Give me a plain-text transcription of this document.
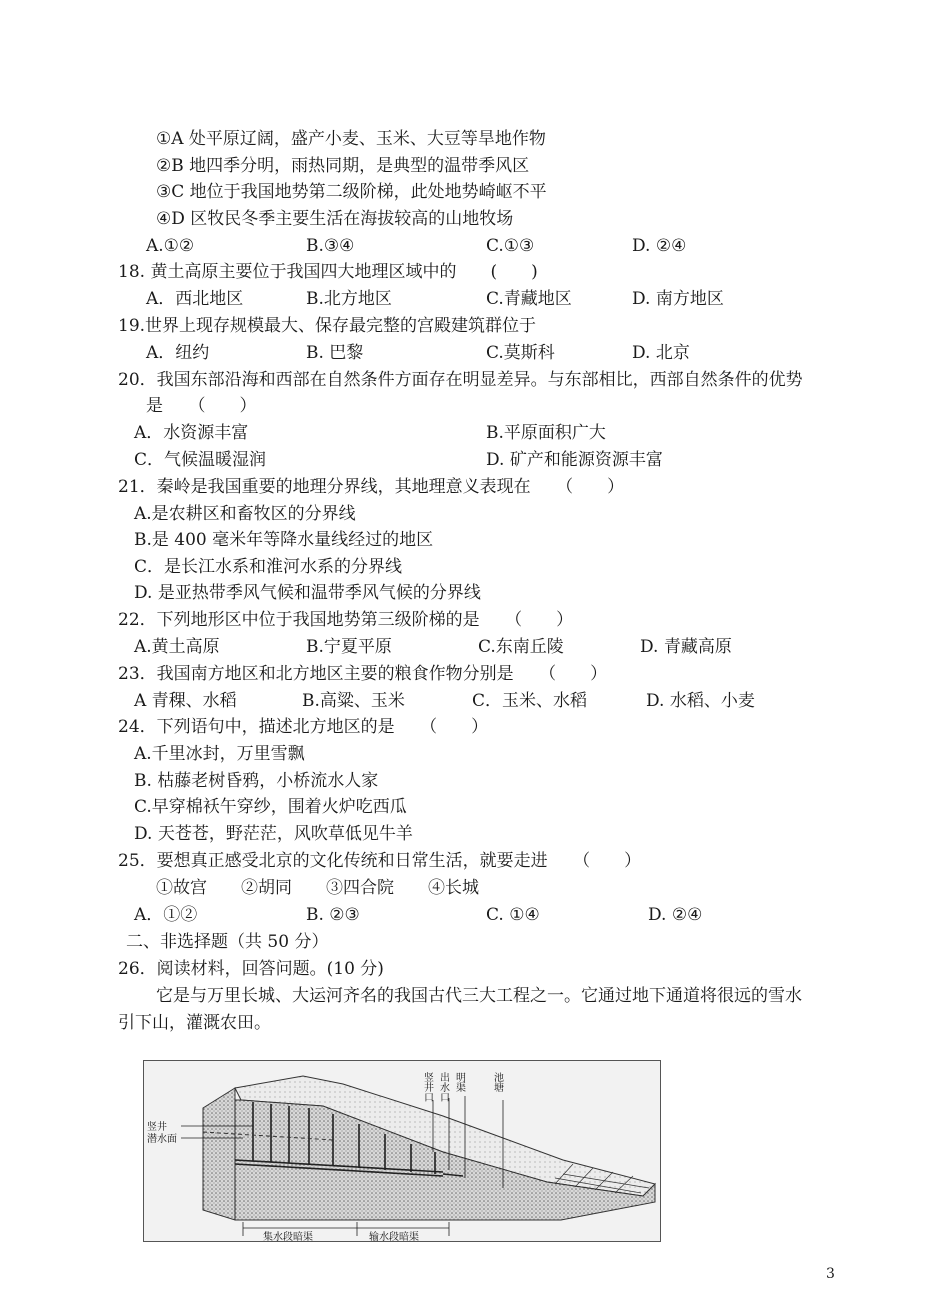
①A 处平原辽阔，盛产小麦、玉米、大豆等旱地作物
②B 地四季分明，雨热同期，是典型的温带季风区
③C 地位于我国地势第二级阶梯，此处地势崎岖不平
④D 区牧民冬季主要生活在海拔较高的山地牧场
A.①②	B.③④	C.①③	D. ②④
18. 黄土高原主要位于我国四大地理区域中的　　(　　)
A．西北地区	B.北方地区	C.青藏地区	D. 南方地区
19.世界上现存规模最大、保存最完整的宫殿建筑群位于
A．纽约	B. 巴黎	C.莫斯科	D. 北京
20．我国东部沿海和西部在自然条件方面存在明显差异。与东部相比，西部自然条件的优势
是　　（　　）
A．水资源丰富	B.平原面积广大
C．气候温暖湿润	D. 矿产和能源资源丰富
21．秦岭是我国重要的地理分界线，其地理意义表现在　　（　　）
A.是农耕区和畜牧区的分界线
B.是 400 毫米年等降水量线经过的地区
C．是长江水系和淮河水系的分界线
D. 是亚热带季风气候和温带季风气候的分界线
22．下列地形区中位于我国地势第三级阶梯的是　　（　　）
A.黄土高原	B.宁夏平原	C.东南丘陵	D. 青藏高原
23．我国南方地区和北方地区主要的粮食作物分别是　　（　　）
A 青稞、水稻	B.高粱、玉米	C．玉米、水稻	D. 水稻、小麦
24．下列语句中，描述北方地区的是　　（　　）
A.千里冰封，万里雪飘
B. 枯藤老树昏鸦，小桥流水人家
C.早穿棉袄午穿纱，围着火炉吃西瓜
D. 天苍苍，野茫茫，风吹草低见牛羊
25．要想真正感受北京的文化传统和日常生活，就要走进　　（　　）
①故宫　　②胡同　　③四合院　　④长城
A．①②	B. ②③	C. ①④	D. ②④
二、非选择题（共 50 分）
26．阅读材料，回答问题。(10 分)
它是与万里长城、大运河齐名的我国古代三大工程之一。它通过地下通道将很远的雪水
引下山，灌溉农田。
竖井
潜水面
竖井口 出水口 明渠	池塘
集水段暗渠	输水段暗渠
3
